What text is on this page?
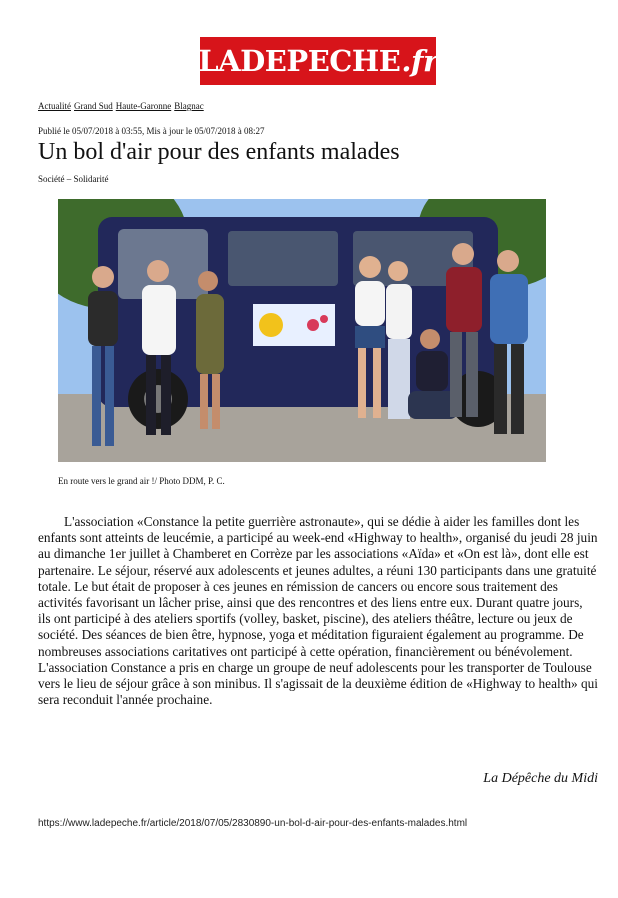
LADEPECHE .fr
Actualité Grand Sud Haute-Garonne Blagnac
Publié le 05/07/2018 à 03:55, Mis à jour le 05/07/2018 à 08:27
Un bol d'air pour des enfants malades
Société – Solidarité
En route vers le grand air !/ Photo DDM, P. C.

L'association «Constance la petite guerrière astronaute», qui se dédie à aider les familles dont les enfants sont atteints de leucémie, a participé au week-end «Highway to health», organisé du jeudi 28 juin au dimanche 1er juillet à Chamberet en Corrèze par les associations «Aïda» et «On est là», dont elle est partenaire. Le séjour, réservé aux adolescents et jeunes adultes, a réuni 130 participants dans une gratuité totale. Le but était de proposer à ces jeunes en rémission de cancers ou encore sous traitement des activités favorisant un lâcher prise, ainsi que des rencontres et des liens entre eux. Durant quatre jours, ils ont participé à des ateliers sportifs (volley, basket, piscine), des ateliers théâtre, lecture ou jeux de société. Des séances de bien être, hypnose, yoga et méditation figuraient également au programme. De nombreuses associations caritatives ont participé à cette opération, financièrement ou bénévolement. L'association Constance a pris en charge un groupe de neuf adolescents pour les transporter de Toulouse vers le lieu de séjour grâce à son minibus. Il s'agissait de la deuxième édition de «Highway to health» qui sera reconduit l'année prochaine.

La Dépêche du Midi
https://www.ladepeche.fr/article/2018/07/05/2830890-un-bol-d-air-pour-des-enfants-malades.html
